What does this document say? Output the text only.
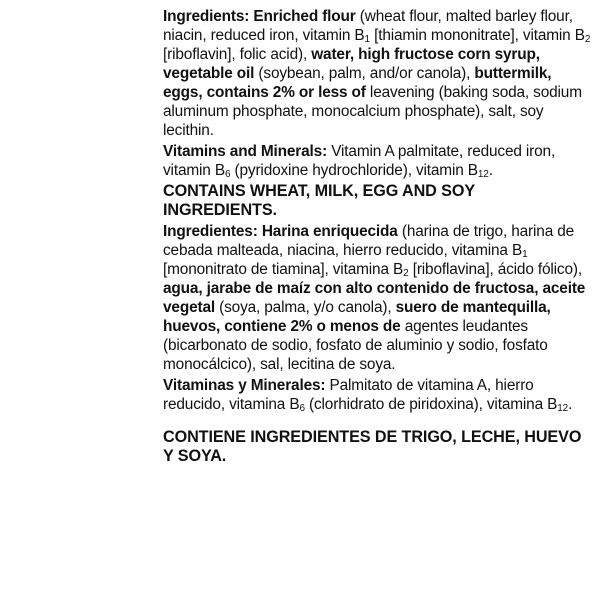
Ingredients: Enriched flour (wheat flour, malted barley flour, niacin, reduced iron, vitamin $B_1$ [thiamin mononitrate], vitamin $B_2$ [riboflavin], folic acid), water, high fructose corn syrup, vegetable oil (soybean, palm, and/or canola), buttermilk, eggs, contains 2% or less of leavening (baking soda, sodium aluminum phosphate, monocalcium phosphate), salt, soy lecithin.

Vitamins and Minerals: Vitamin A palmitate, reduced iron, vitamin $B_6$ (pyridoxine hydrochloride), vitamin $B_{12}$.

CONTAINS WHEAT, MILK, EGG AND SOY INGREDIENTS.

Ingredientes: Harina enriquecida (harina de trigo, harina de cebada malteada, niacina, hierro reducido, vitamina $B_1$ [mononitrato de tiamina], vitamina $B_2$ [riboflavina], ácido fólico), agua, jarabe de maíz con alto contenido de fructosa, aceite vegetal (soya, palma, y/o canola), suero de mantequilla, huevos, contiene 2% o menos de agentes leudantes (bicarbonato de sodio, fosfato de aluminio y sodio, fosfato monocálcico), sal, lecitina de soya.

Vitaminas y Minerales: Palmitato de vitamina A, hierro reducido, vitamina $B_6$ (clorhidrato de piridoxina), vitamina $B_{12}$.

CONTIENE INGREDIENTES DE TRIGO, LECHE, HUEVO Y SOYA.
